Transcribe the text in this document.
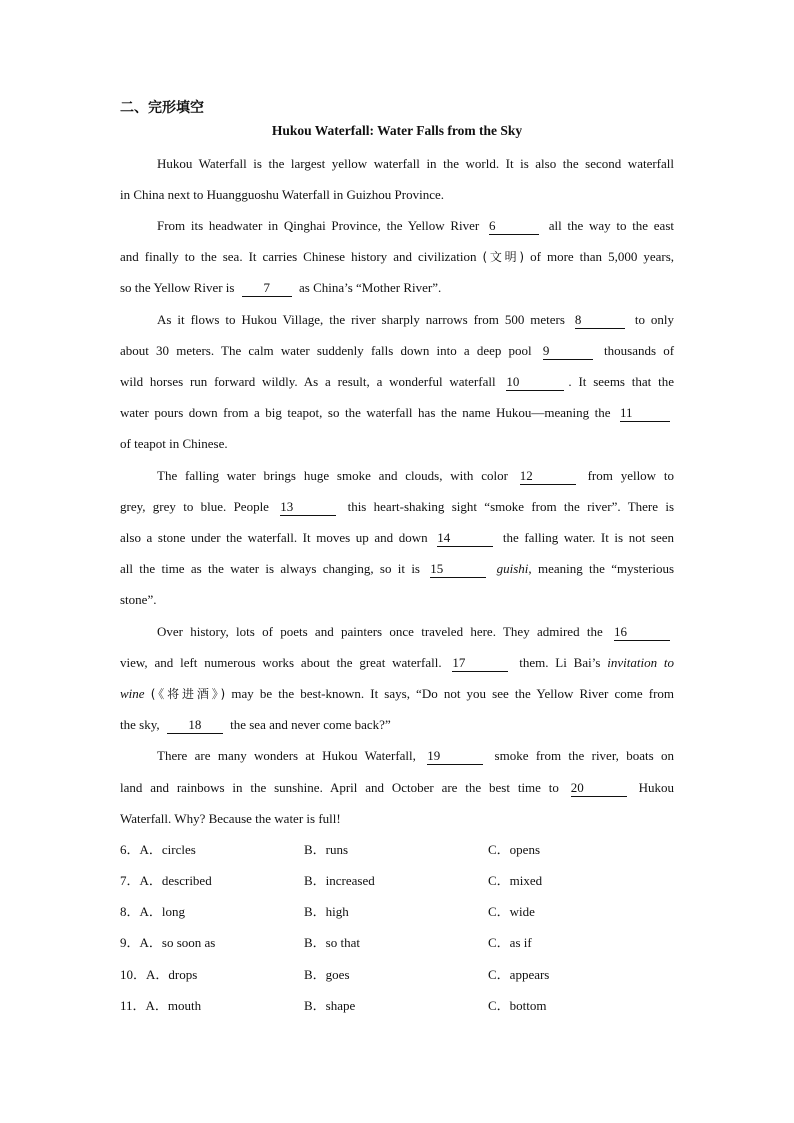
二、完形填空
Hukou Waterfall: Water Falls from the Sky
Hukou Waterfall is the largest yellow waterfall in the world. It is also the second waterfall
in China next to Huangguoshu Waterfall in Guizhou Province.
From its headwater in Qinghai Province, the Yellow River 6	all the way to the east
and finally to the sea. It carries Chinese history and civilization (文明) of more than 5,000 years,
so the Yellow River is 7 as China’s “Mother River”.
As it flows to Hukou Village, the river sharply narrows from 500 meters 8	to only
about 30 meters. The calm water suddenly falls down into a deep pool 9	thousands of
wild horses run forward wildly. As a result, a wonderful waterfall 10	. It seems that the
water pours down from a big teapot, so the waterfall has the name Hukou—meaning the 11
of teapot in Chinese.
The falling water brings huge smoke and clouds, with color 12	from yellow to
grey, grey to blue. People 13	this heart-shaking sight “smoke from the river”. There is
also a stone under the waterfall. It moves up and down 14	the falling water. It is not seen
all the time as the water is always changing, so it is 15	guishi, meaning the “mysterious
stone”.
Over history, lots of poets and painters once traveled here. They admired the 16
view, and left numerous works about the great waterfall. 17	them. Li Bai’s invitation to
wine (《将进酒》) may be the best-known. It says, “Do not you see the Yellow River come from
the sky, 18 the sea and never come back?”
There are many wonders at Hukou Waterfall, 19	smoke from the river, boats on
land and rainbows in the sunshine. April and October are the best time to 20	Hukou
Waterfall. Why? Because the water is full!
6．A．circles	B．runs	C．opens
7．A．described	B．increased	C．mixed
8．A．long	B．high	C．wide
9．A．so soon as	B．so that	C．as if
10．A．drops	B．goes	C．appears
11．A．mouth	B．shape	C．bottom
